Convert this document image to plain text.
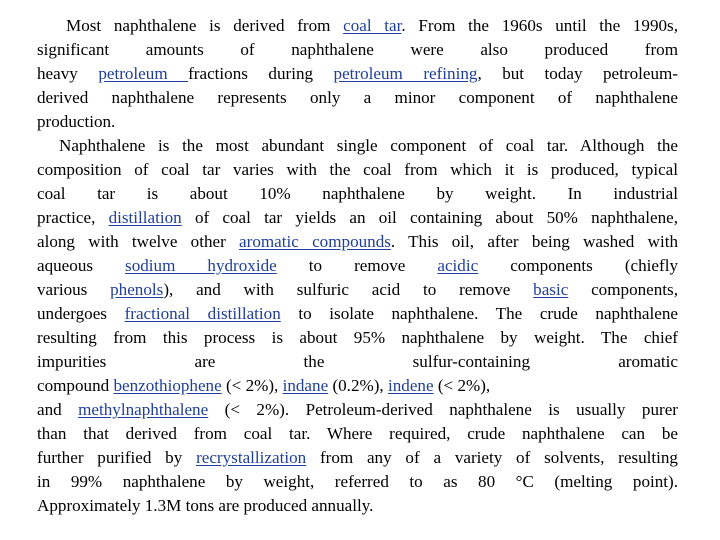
Most naphthalene is derived from coal tar. From the 1960s until the 1990s,
significant amounts of naphthalene were also produced from
heavy petroleum fractions during petroleum refining, but today petroleum-
derived naphthalene represents only a minor component of naphthalene
production.
Naphthalene is the most abundant single component of coal tar. Although the
composition of coal tar varies with the coal from which it is produced, typical
coal tar is about 10% naphthalene by weight. In industrial
practice, distillation of coal tar yields an oil containing about 50% naphthalene,
along with twelve other aromatic compounds. This oil, after being washed with
aqueous sodium hydroxide to remove acidic components (chiefly
various phenols), and with sulfuric acid to remove basic components,
undergoes fractional distillation to isolate naphthalene. The crude naphthalene
resulting from this process is about 95% naphthalene by weight. The chief
impurities are the sulfur-containing aromatic
compound benzothiophene (< 2%), indane (0.2%), indene (< 2%),
and methylnaphthalene (< 2%). Petroleum-derived naphthalene is usually purer
than that derived from coal tar. Where required, crude naphthalene can be
further purified by recrystallization from any of a variety of solvents, resulting
in 99% naphthalene by weight, referred to as 80 °C (melting point).
Approximately 1.3M tons are produced annually.
